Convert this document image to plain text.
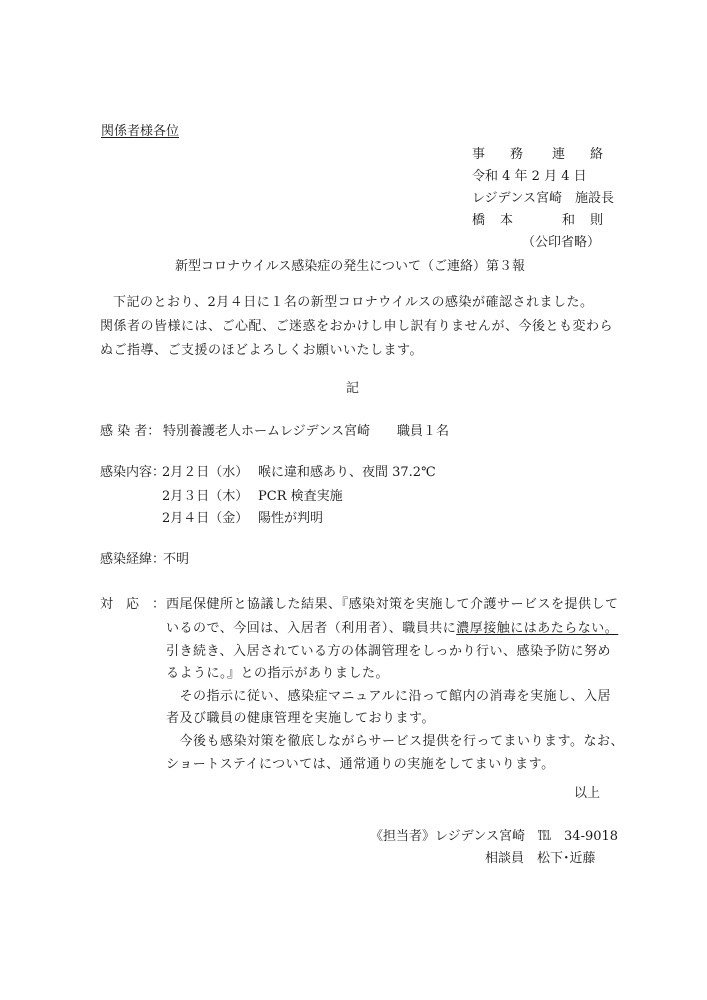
関係者様各位
事 務 連 絡
令和 4 年 2 月 4 日
レジデンス宮崎　施設長
橋 本	和 則
（公印省略）
新型コロナウイルス感染症の発生について（ご連絡）第３報
下記のとおり、2月４日に１名の新型コロナウイルスの感染が確認されました。
関係者の皆様には、ご心配、ご迷惑をおかけし申し訳有りませんが、今後とも変わら
ぬご指導、ご支援のほどよろしくお願いいたします。
記
感 染 者： 特別養護老人ホームレジデンス宮崎 職員１名
感染内容：
2月２日（水） 喉に違和感あり、夜間 37.2℃
2月３日（木） PCR 検査実施
2月４日（金） 陽性が判明
感染経緯：
不明
対　応　： 西尾保健所と協議した結果、『感染対策を実施して介護サービスを提供して
いるので、今回は、入居者（利用者）、職員共に濃厚接触にはあたらない。
引き続き、入居されている方の体調管理をしっかり行い、感染予防に努め
るように。』との指示がありました。
　その指示に従い、感染症マニュアルに沿って館内の消毒を実施し、入居
者及び職員の健康管理を実施しております。
　今後も感染対策を徹底しながらサービス提供を行ってまいります。なお、
ショートステイについては、通常通りの実施をしてまいります。
以上
《担当者》レジデンス宮崎　℡　34-9018
相談員　松下･近藤
